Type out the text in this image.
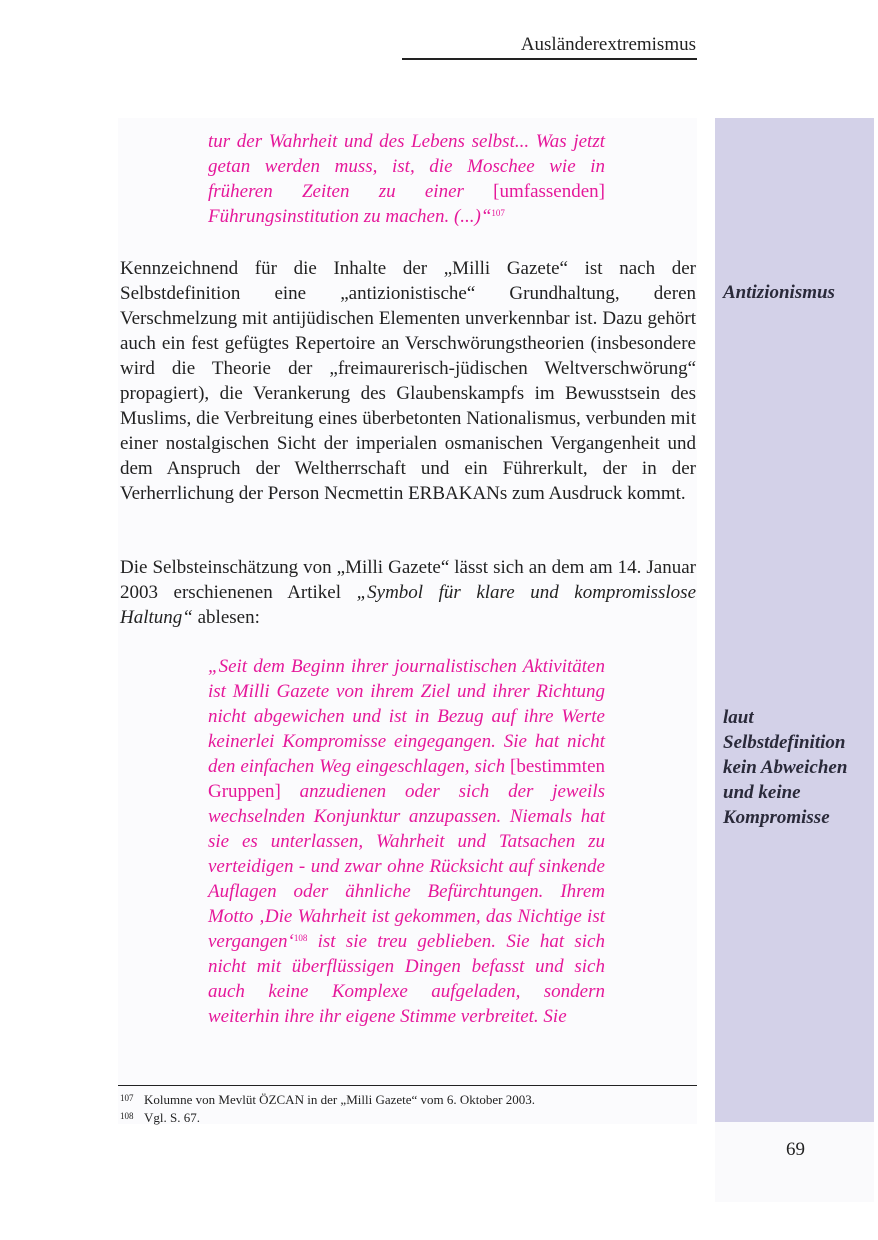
Ausländerextremismus

tur der Wahrheit und des Lebens selbst... Was jetzt getan werden muss, ist, die Moschee wie in früheren Zeiten zu einer [umfassenden] Führungsinstitution zu machen. (...)“$^{107}$

Kennzeichnend für die Inhalte der „Milli Gazete“ ist nach der Selbstdefinition eine „antizionistische“ Grundhaltung, deren Verschmelzung mit antijüdischen Elementen unverkennbar ist. Dazu gehört auch ein fest gefügtes Repertoire an Verschwörungstheorien (insbesondere wird die Theorie der „freimaurerisch-jüdischen Weltverschwörung“ propagiert), die Verankerung des Glaubenskampfs im Bewusstsein des Muslims, die Verbreitung eines überbetonten Nationalismus, verbunden mit einer nostalgischen Sicht der imperialen osmanischen Vergangenheit und dem Anspruch der Weltherrschaft und ein Führerkult, der in der Verherrlichung der Person Necmettin ERBAKANs zum Ausdruck kommt.

Die Selbsteinschätzung von „Milli Gazete“ lässt sich an dem am 14. Januar 2003 erschienenen Artikel „Symbol für klare und kompromisslose Haltung“ ablesen:

„Seit dem Beginn ihrer journalistischen Aktivitäten ist Milli Gazete von ihrem Ziel und ihrer Richtung nicht abgewichen und ist in Bezug auf ihre Werte keinerlei Kompromisse eingegangen. Sie hat nicht den einfachen Weg eingeschlagen, sich [bestimmten Gruppen] anzudienen oder sich der jeweils wechselnden Konjunktur anzupassen. Niemals hat sie es unterlassen, Wahrheit und Tatsachen zu verteidigen - und zwar ohne Rücksicht auf sinkende Auflagen oder ähnliche Befürchtungen. Ihrem Motto ‚Die Wahrheit ist gekommen, das Nichtige ist vergangen‘$^{108}$ ist sie treu geblieben. Sie hat sich nicht mit überflüssigen Dingen befasst und sich auch keine Komplexe aufgeladen, sondern weiterhin ihre ihr eigene Stimme verbreitet. Sie

Antizionismus

laut Selbstdefinition kein Abweichen und keine Kompromisse

107 Kolumne von Mevlüt ÖZCAN in der „Milli Gazete“ vom 6. Oktober 2003.
108 Vgl. S. 67.
69
